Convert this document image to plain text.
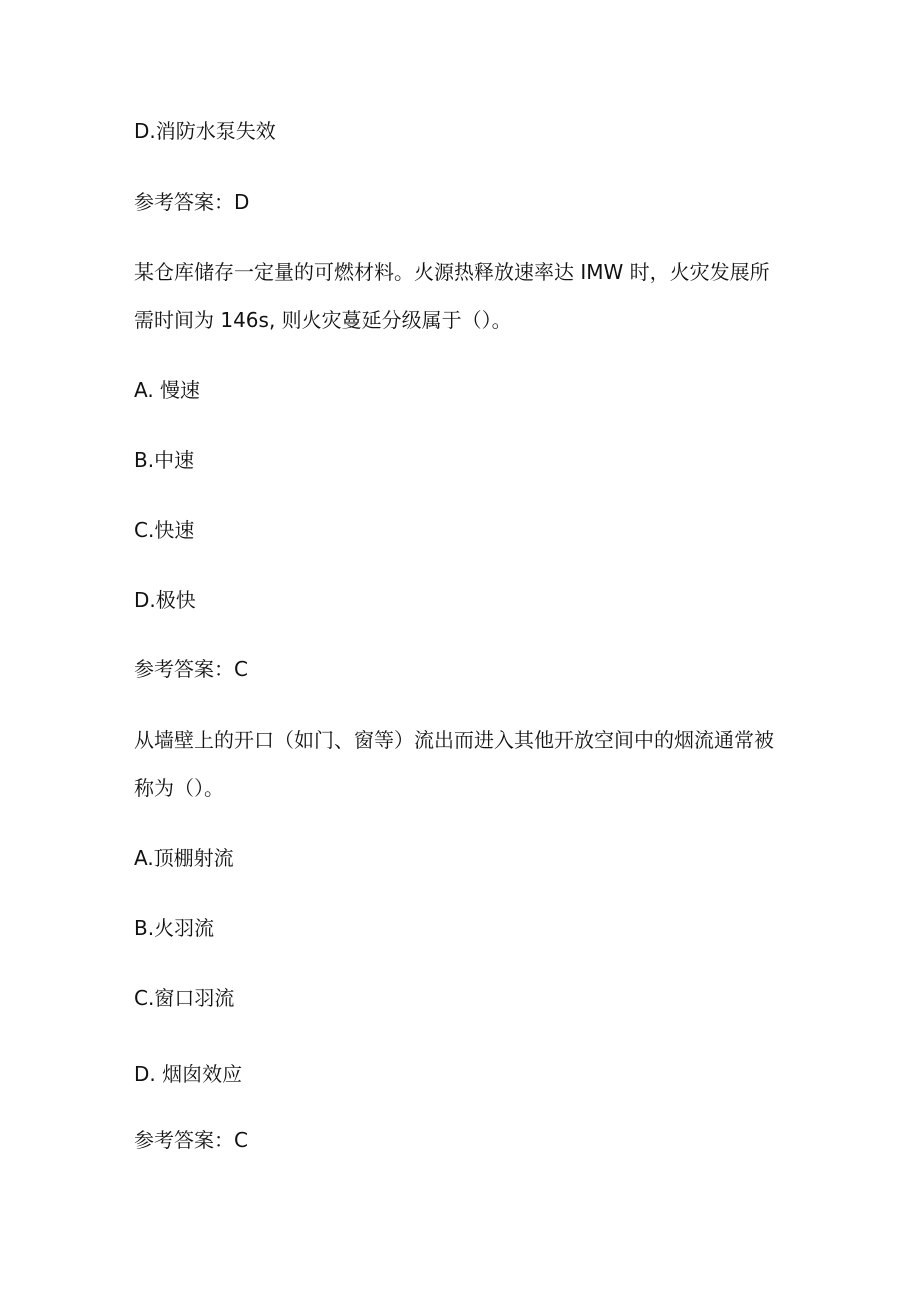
D.消防水泵失效
参考答案：D
某仓库储存一定量的可燃材料。火源热释放速率达 IMW 时，火灾发展所
需时间为 146s, 则火灾蔓延分级属于（）。
A. 慢速
B.中速
C.快速
D.极快
参考答案：C
从墙壁上的开口（如门、窗等）流出而进入其他开放空间中的烟流通常被
称为（）。
A.顶棚射流
B.火羽流
C.窗口羽流
D. 烟囱效应
参考答案：C
